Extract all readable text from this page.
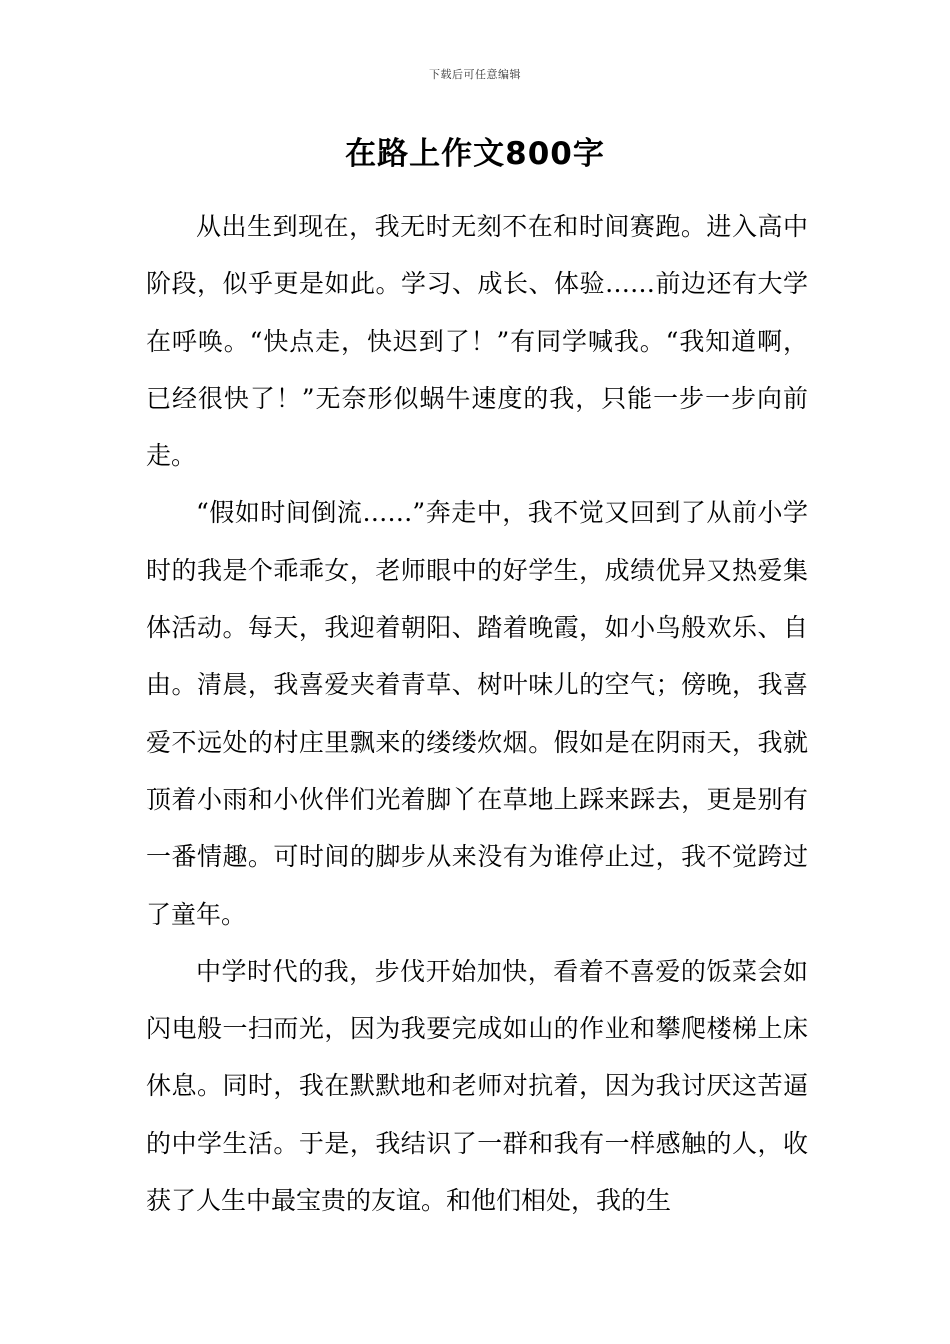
下载后可任意编辑
在路上作文800字

从出生到现在，我无时无刻不在和时间赛跑。进入高中阶段，似乎更是如此。学习、成长、体验……前边还有大学在呼唤。“快点走，快迟到了！”有同学喊我。“我知道啊，已经很快了！”无奈形似蜗牛速度的我，只能一步一步向前走。

“假如时间倒流……”奔走中，我不觉又回到了从前小学时的我是个乖乖女，老师眼中的好学生，成绩优异又热爱集体活动。每天，我迎着朝阳、踏着晚霞，如小鸟般欢乐、自由。清晨，我喜爱夹着青草、树叶味儿的空气；傍晚，我喜爱不远处的村庄里飘来的缕缕炊烟。假如是在阴雨天，我就顶着小雨和小伙伴们光着脚丫在草地上踩来踩去，更是别有一番情趣。可时间的脚步从来没有为谁停止过，我不觉跨过了童年。

中学时代的我，步伐开始加快，看着不喜爱的饭菜会如闪电般一扫而光，因为我要完成如山的作业和攀爬楼梯上床休息。同时，我在默默地和老师对抗着，因为我讨厌这苦逼的中学生活。于是，我结识了一群和我有一样感触的人，收获了人生中最宝贵的友谊。和他们相处，我的生
